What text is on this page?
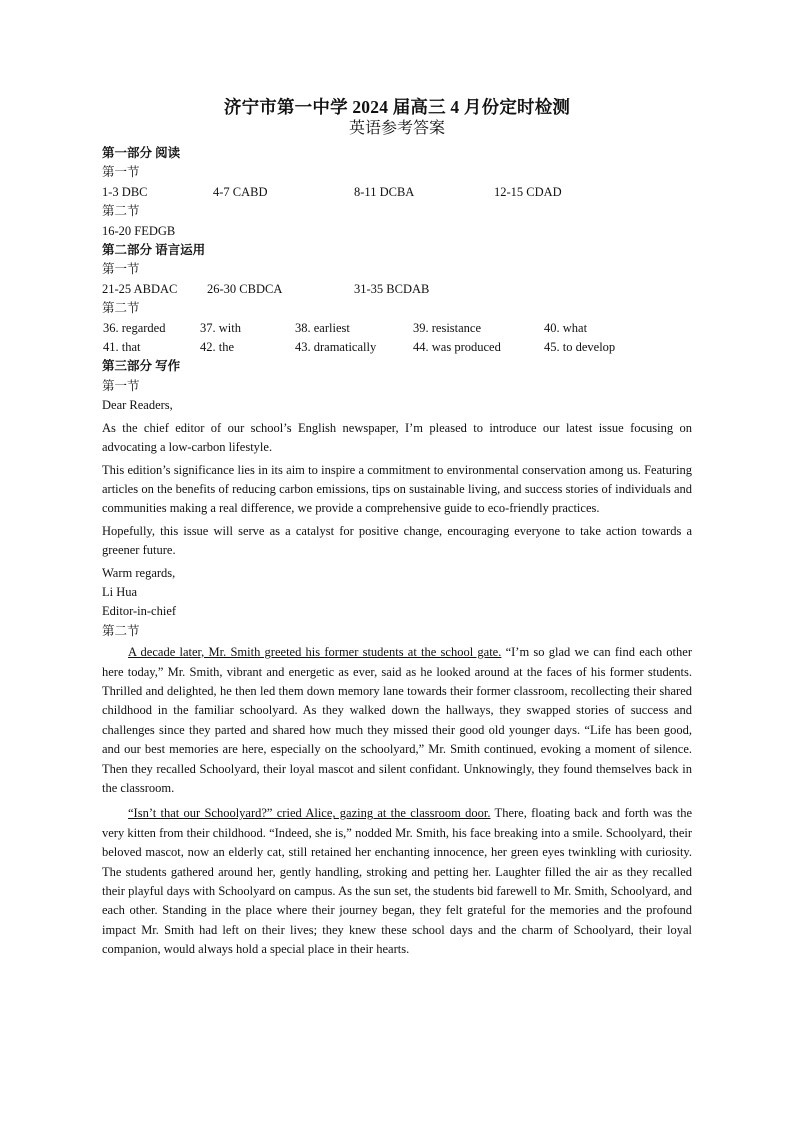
济宁市第一中学 2024 届高三 4 月份定时检测
英语参考答案
第一部分 阅读
第一节
1-3 DBC	4-7 CABD	8-11 DCBA	12-15 CDAD
第二节
16-20 FEDGB
第二部分 语言运用
第一节
21-25 ABDAC	26-30 CBDCA	31-35 BCDAB
第二节
36. regarded	37. with	38. earliest	39. resistance	40. what
41. that	42. the	43. dramatically	44. was produced	45. to develop
第三部分 写作
第一节
Dear Readers,
As the chief editor of our school’s English newspaper, I’m pleased to introduce our latest issue focusing on advocating a low-carbon lifestyle.
This edition’s significance lies in its aim to inspire a commitment to environmental conservation among us. Featuring articles on the benefits of reducing carbon emissions, tips on sustainable living, and success stories of individuals and communities making a real difference, we provide a comprehensive guide to eco-friendly practices.
Hopefully, this issue will serve as a catalyst for positive change, encouraging everyone to take action towards a greener future.
Warm regards,
Li Hua
Editor-in-chief
第二节

A decade later, Mr. Smith greeted his former students at the school gate. “I’m so glad we can find each other here today,” Mr. Smith, vibrant and energetic as ever, said as he looked around at the faces of his former students. Thrilled and delighted, he then led them down memory lane towards their former classroom, recollecting their shared childhood in the familiar schoolyard. As they walked down the hallways, they swapped stories of success and challenges since they parted and shared how much they missed their good old younger days. “Life has been good, and our best memories are here, especially on the schoolyard,” Mr. Smith continued, evoking a moment of silence. Then they recalled Schoolyard, their loyal mascot and silent confidant. Unknowingly, they found themselves back in the classroom.

“Isn’t that our Schoolyard?” cried Alice, gazing at the classroom door. There, floating back and forth was the very kitten from their childhood. “Indeed, she is,” nodded Mr. Smith, his face breaking into a smile. Schoolyard, their beloved mascot, now an elderly cat, still retained her enchanting innocence, her green eyes twinkling with curiosity. The students gathered around her, gently handling, stroking and petting her. Laughter filled the air as they recalled their playful days with Schoolyard on campus. As the sun set, the students bid farewell to Mr. Smith, Schoolyard, and each other. Standing in the place where their journey began, they felt grateful for the memories and the profound impact Mr. Smith had left on their lives; they knew these school days and the charm of Schoolyard, their loyal companion, would always hold a special place in their hearts.
